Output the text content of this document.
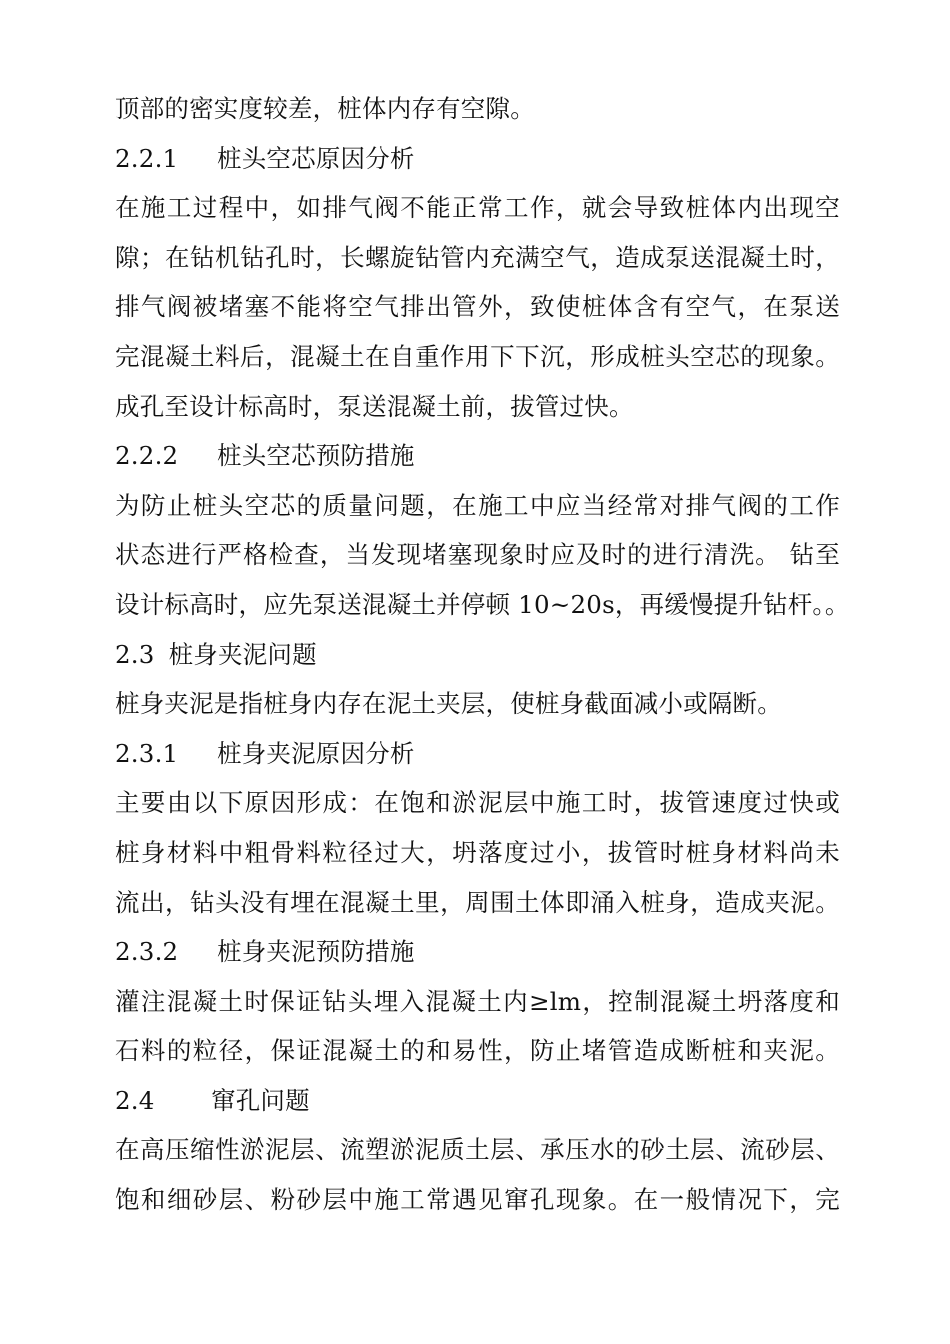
顶部的密实度较差，桩体内存有空隙。
2.2.1 桩头空芯原因分析
在施工过程中，如排气阀不能正常工作，就会导致桩体内出现空
隙；在钻机钻孔时，长螺旋钻管内充满空气，造成泵送混凝土时，
排气阀被堵塞不能将空气排出管外，致使桩体含有空气，在泵送
完混凝土料后，混凝土在自重作用下下沉，形成桩头空芯的现象。
成孔至设计标高时，泵送混凝土前，拔管过快。
2.2.2 桩头空芯预防措施
为防止桩头空芯的质量问题，在施工中应当经常对排气阀的工作
状态进行严格检查，当发现堵塞现象时应及时的进行清洗。 钻至
设计标高时，应先泵送混凝土并停顿 10~20s，再缓慢提升钻杆。。
2.3 桩身夹泥问题
桩身夹泥是指桩身内存在泥土夹层，使桩身截面减小或隔断。
2.3.1 桩身夹泥原因分析
主要由以下原因形成：在饱和淤泥层中施工时，拔管速度过快或
桩身材料中粗骨料粒径过大，坍落度过小，拔管时桩身材料尚未
流出，钻头没有埋在混凝土里，周围土体即涌入桩身，造成夹泥。
2.3.2 桩身夹泥预防措施
灌注混凝土时保证钻头埋入混凝土内≥lm，控制混凝土坍落度和
石料的粒径，保证混凝土的和易性，防止堵管造成断桩和夹泥。
2.4 窜孔问题
在高压缩性淤泥层、流塑淤泥质土层、承压水的砂土层、流砂层、
饱和细砂层、粉砂层中施工常遇见窜孔现象。在一般情况下，完
